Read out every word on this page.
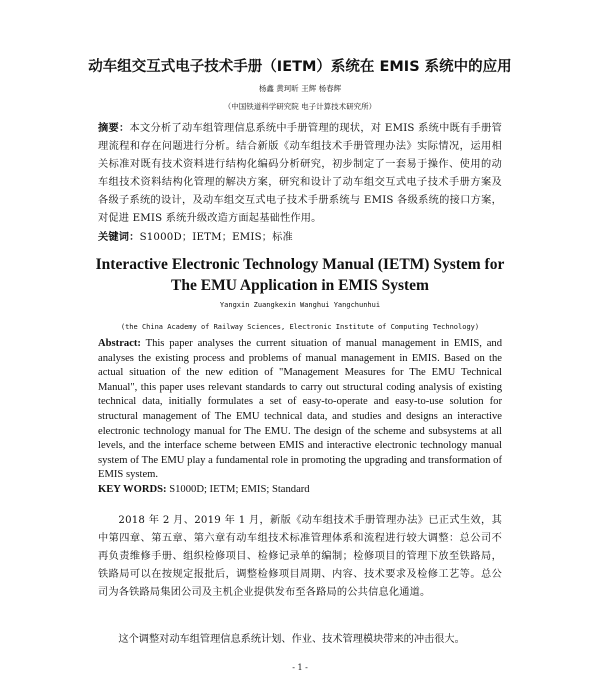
动车组交互式电子技术手册（IETM）系统在 EMIS 系统中的应用
杨鑫 黄珂昕 王辉 杨春辉
（中国铁道科学研究院 电子计算技术研究所）
摘要：本文分析了动车组管理信息系统中手册管理的现状，对 EMIS 系统中既有手册管理流程和存在问题进行分析。结合新版《动车组技术手册管理办法》实际情况，运用相关标准对既有技术资料进行结构化编码分析研究，初步制定了一套易于操作、使用的动车组技术资料结构化管理的解决方案，研究和设计了动车组交互式电子技术手册方案及各级子系统的设计，及动车组交互式电子技术手册系统与 EMIS 各级系统的接口方案，对促进 EMIS 系统升级改造方面起基础性作用。
关键词：S1000D；IETM；EMIS；标准
Interactive Electronic Technology Manual (IETM) System for
The EMU Application in EMIS System
Yangxin Zuangkexin Wanghui Yangchunhui
(the China Academy of Railway Sciences, Electronic Institute of Computing Technology)
Abstract: This paper analyses the current situation of manual management in EMIS, and analyses the existing process and problems of manual management in EMIS. Based on the actual situation of the new edition of "Management Measures for The EMU Technical Manual", this paper uses relevant standards to carry out structural coding analysis of existing technical data, initially formulates a set of easy-to-operate and easy-to-use solution for structural management of The EMU technical data, and studies and designs an interactive electronic technology manual for The EMU. The design of the scheme and subsystems at all levels, and the interface scheme between EMIS and interactive electronic technology manual system of The EMU play a fundamental role in promoting the upgrading and transformation of EMIS system.
KEY WORDS: S1000D; IETM; EMIS; Standard
2018 年 2 月、2019 年 1 月，新版《动车组技术手册管理办法》已正式生效，其中第四章、第五章、第六章有动车组技术标准管理体系和流程进行较大调整：总公司不再负责维修手册、组织检修项目、检修记录单的编制；检修项目的管理下放至铁路局，铁路局可以在按规定报批后，调整检修项目周期、内容、技术要求及检修工艺等。总公司为各铁路局集团公司及主机企业提供发布至各路局的公共信息化通道。
这个调整对动车组管理信息系统计划、作业、技术管理模块带来的冲击很大。
- 1 -
